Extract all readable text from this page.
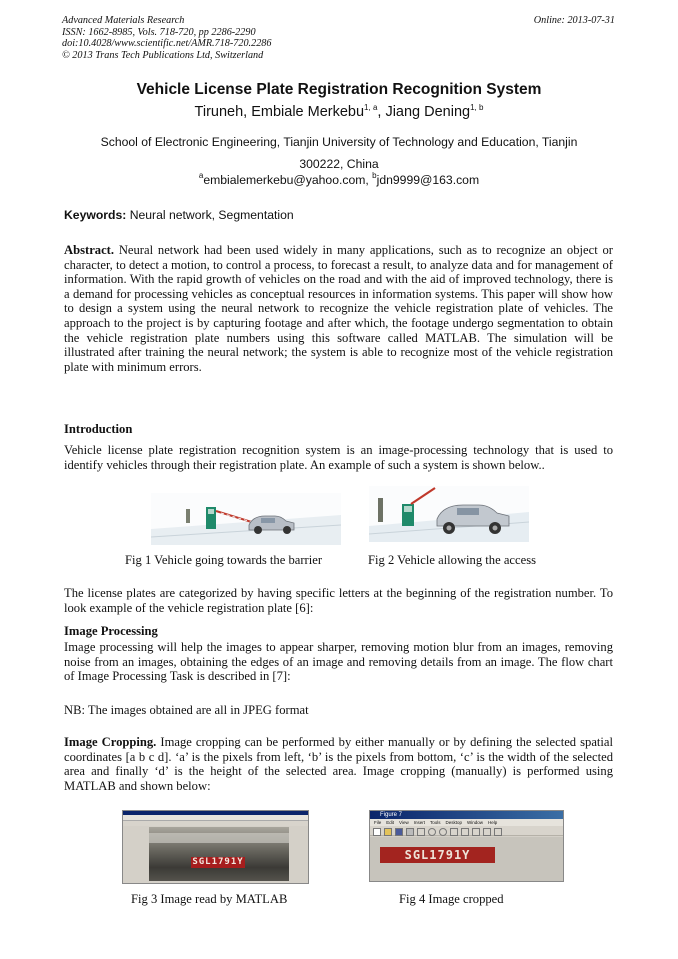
Advanced Materials Research
ISSN: 1662-8985, Vols. 718-720, pp 2286-2290
doi:10.4028/www.scientific.net/AMR.718-720.2286
© 2013 Trans Tech Publications Ltd, Switzerland
Online: 2013-07-31
Vehicle License Plate Registration Recognition System
Tiruneh, Embiale Merkebu$^{1, a}$, Jiang Dening$^{1, b}$
School of Electronic Engineering, Tianjin University of Technology and Education, Tianjin
300222, China
$^a$embialemerkebu@yahoo.com, $^b$jdn9999@163.com
Keywords: Neural network, Segmentation
Abstract. Neural network had been used widely in many applications, such as to recognize an object or character, to detect a motion, to control a process, to forecast a result, to analyze data and for management of information. With the rapid growth of vehicles on the road and with the aid of improved technology, there is a demand for processing vehicles as conceptual resources in information systems. This paper will show how to design a system using the neural network to recognize the vehicle registration plate of vehicles. The approach to the project is by capturing footage and after which, the footage undergo segmentation to obtain the vehicle registration plate numbers using this software called MATLAB. The simulation will be illustrated after training the neural network; the system is able to recognize most of the vehicle registration plate with minimum errors.
Introduction
Vehicle license plate registration recognition system is an image-processing technology that is used to identify vehicles through their registration plate. An example of such a system is shown below..
Fig 1 Vehicle going towards the barrier	Fig 2 Vehicle allowing the access
The license plates are categorized by having specific letters at the beginning of the registration number. To look example of the vehicle registration plate [6]:
Image Processing
Image processing will help the images to appear sharper, removing motion blur from an images, removing noise from an images, obtaining the edges of an image and removing details from an image. The flow chart of Image Processing Task is described in [7]:
NB: The images obtained are all in JPEG format
Image Cropping. Image cropping can be performed by either manually or by defining the selected spatial coordinates [a b c d]. ‘a’ is the pixels from left, ‘b’ is the pixels from bottom, ‘c’ is the width of the selected area and finally ‘d’ is the height of the selected area. Image cropping (manually) is performed using MATLAB and shown below:
SGL1791Y
Fig 3 Image read by MATLAB
Figure 7
File Edit View Insert Tools Desktop Window Help
SGL1791Y
Fig 4 Image cropped
